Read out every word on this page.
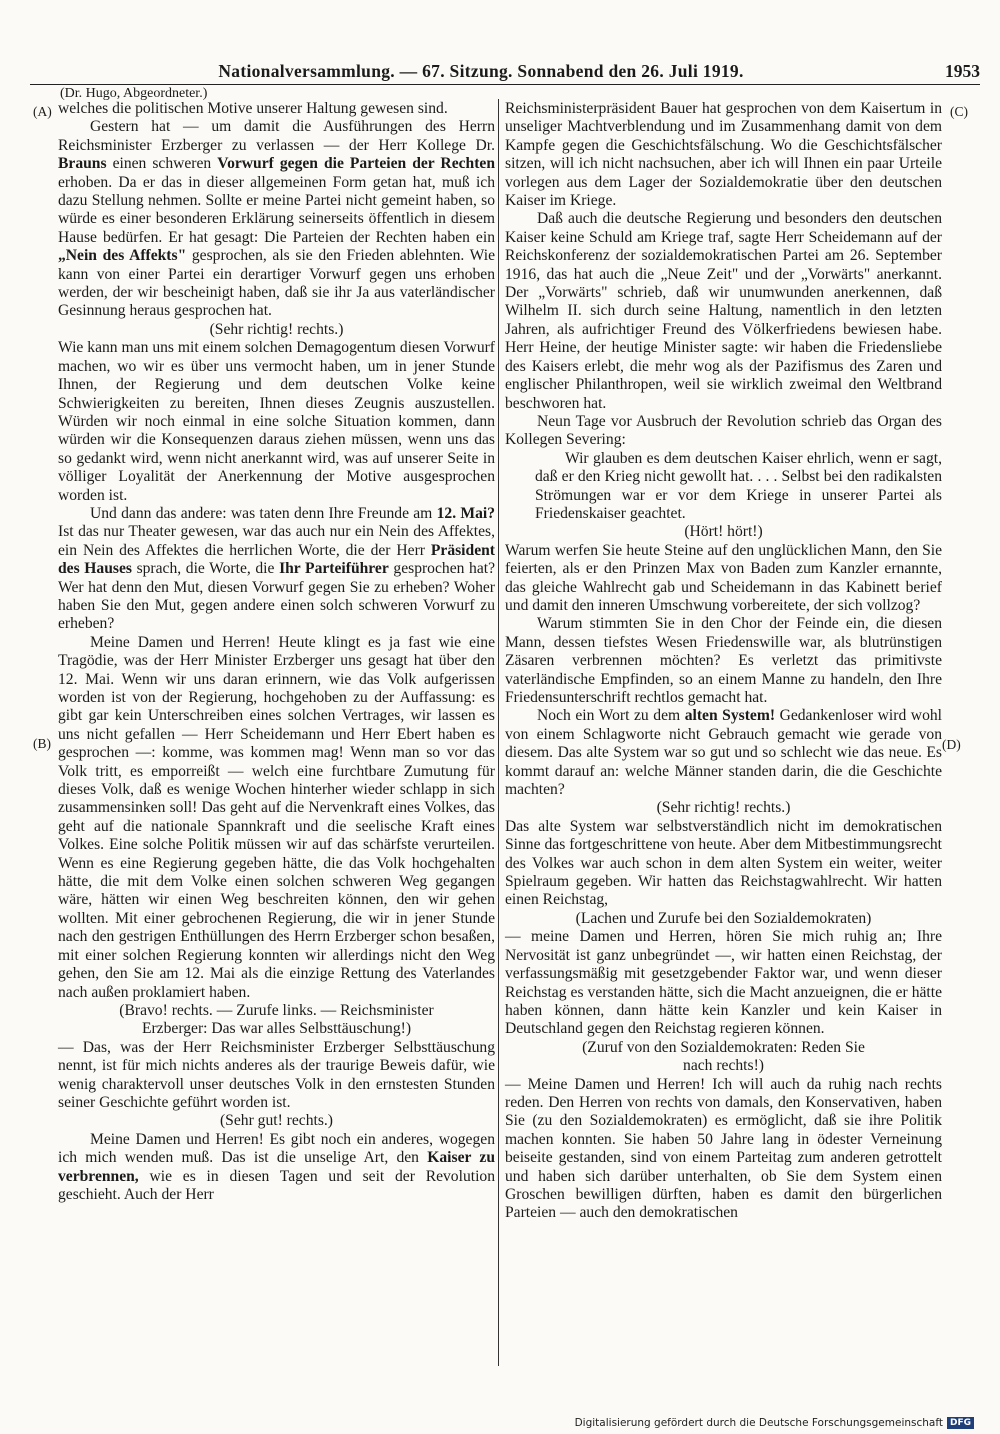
Nationalversammlung. — 67. Sitzung. Sonnabend den 26. Juli 1919.	1953
(Dr. Hugo, Abgeordneter.)
(A)
(B)
(C)
(D)

welches die politischen Motive unserer Haltung gewesen sind.

Gestern hat — um damit die Ausführungen des Herrn Reichsminister Erzberger zu verlassen — der Herr Kollege Dr. Brauns einen schweren Vorwurf gegen die Parteien der Rechten erhoben. Da er das in dieser allgemeinen Form getan hat, muß ich dazu Stellung nehmen. Sollte er meine Partei nicht gemeint haben, so würde es einer besonderen Erklärung seinerseits öffentlich in diesem Hause bedürfen. Er hat gesagt: Die Parteien der Rechten haben ein „Nein des Affekts" gesprochen, als sie den Frieden ablehnten. Wie kann von einer Partei ein derartiger Vorwurf gegen uns erhoben werden, der wir bescheinigt haben, daß sie ihr Ja aus vaterländischer Gesinnung heraus gesprochen hat.

(Sehr richtig! rechts.)

Wie kann man uns mit einem solchen Demagogentum diesen Vorwurf machen, wo wir es über uns vermocht haben, um in jener Stunde Ihnen, der Regierung und dem deutschen Volke keine Schwierigkeiten zu bereiten, Ihnen dieses Zeugnis auszustellen. Würden wir noch einmal in eine solche Situation kommen, dann würden wir die Konsequenzen daraus ziehen müssen, wenn uns das so gedankt wird, wenn nicht anerkannt wird, was auf unserer Seite in völliger Loyalität der Anerkennung der Motive ausgesprochen worden ist.

Und dann das andere: was taten denn Ihre Freunde am 12. Mai? Ist das nur Theater gewesen, war das auch nur ein Nein des Affektes, ein Nein des Affektes die herrlichen Worte, die der Herr Präsident des Hauses sprach, die Worte, die Ihr Parteiführer gesprochen hat? Wer hat denn den Mut, diesen Vorwurf gegen Sie zu erheben? Woher haben Sie den Mut, gegen andere einen solch schweren Vorwurf zu erheben?

Meine Damen und Herren! Heute klingt es ja fast wie eine Tragödie, was der Herr Minister Erzberger uns gesagt hat über den 12. Mai. Wenn wir uns daran erinnern, wie das Volk aufgerissen worden ist von der Regierung, hochgehoben zu der Auffassung: es gibt gar kein Unterschreiben eines solchen Vertrages, wir lassen es uns nicht gefallen — Herr Scheidemann und Herr Ebert haben es gesprochen —: komme, was kommen mag! Wenn man so vor das Volk tritt, es emporreißt — welch eine furchtbare Zumutung für dieses Volk, daß es wenige Wochen hinterher wieder schlapp in sich zusammensinken soll! Das geht auf die Nervenkraft eines Volkes, das geht auf die nationale Spannkraft und die seelische Kraft eines Volkes. Eine solche Politik müssen wir auf das schärfste verurteilen. Wenn es eine Regierung gegeben hätte, die das Volk hochgehalten hätte, die mit dem Volke einen solchen schweren Weg gegangen wäre, hätten wir einen Weg beschreiten können, den wir gehen wollten. Mit einer gebrochenen Regierung, die wir in jener Stunde nach den gestrigen Enthüllungen des Herrn Erzberger schon besaßen, mit einer solchen Regierung konnten wir allerdings nicht den Weg gehen, den Sie am 12. Mai als die einzige Rettung des Vaterlandes nach außen proklamiert haben.

(Bravo! rechts. — Zurufe links. — Reichsminister

Erzberger: Das war alles Selbsttäuschung!)

— Das, was der Herr Reichsminister Erzberger Selbsttäuschung nennt, ist für mich nichts anderes als der traurige Beweis dafür, wie wenig charaktervoll unser deutsches Volk in den ernstesten Stunden seiner Geschichte geführt worden ist.

(Sehr gut! rechts.)

Meine Damen und Herren! Es gibt noch ein anderes, wogegen ich mich wenden muß. Das ist die unselige Art, den Kaiser zu verbrennen, wie es in diesen Tagen und seit der Revolution geschieht. Auch der Herr

Reichsministerpräsident Bauer hat gesprochen von dem Kaisertum in unseliger Machtverblendung und im Zusammenhang damit von dem Kampfe gegen die Geschichtsfälschung. Wo die Geschichtsfälscher sitzen, will ich nicht nachsuchen, aber ich will Ihnen ein paar Urteile vorlegen aus dem Lager der Sozialdemokratie über den deutschen Kaiser im Kriege.

Daß auch die deutsche Regierung und besonders den deutschen Kaiser keine Schuld am Kriege traf, sagte Herr Scheidemann auf der Reichskonferenz der sozialdemokratischen Partei am 26. September 1916, das hat auch die „Neue Zeit" und der „Vorwärts" anerkannt. Der „Vorwärts" schrieb, daß wir unumwunden anerkennen, daß Wilhelm II. sich durch seine Haltung, namentlich in den letzten Jahren, als aufrichtiger Freund des Völkerfriedens bewiesen habe. Herr Heine, der heutige Minister sagte: wir haben die Friedensliebe des Kaisers erlebt, die mehr wog als der Pazifismus des Zaren und englischer Philanthropen, weil sie wirklich zweimal den Weltbrand beschworen hat.

Neun Tage vor Ausbruch der Revolution schrieb das Organ des Kollegen Severing:

Wir glauben es dem deutschen Kaiser ehrlich, wenn er sagt, daß er den Krieg nicht gewollt hat. . . . Selbst bei den radikalsten Strömungen war er vor dem Kriege in unserer Partei als Friedenskaiser geachtet.

(Hört! hört!)

Warum werfen Sie heute Steine auf den unglücklichen Mann, den Sie feierten, als er den Prinzen Max von Baden zum Kanzler ernannte, das gleiche Wahlrecht gab und Scheidemann in das Kabinett berief und damit den inneren Umschwung vorbereitete, der sich vollzog?

Warum stimmten Sie in den Chor der Feinde ein, die diesen Mann, dessen tiefstes Wesen Friedenswille war, als blutrünstigen Zäsaren verbrennen möchten? Es verletzt das primitivste vaterländische Empfinden, so an einem Manne zu handeln, den Ihre Friedensunterschrift rechtlos gemacht hat.

Noch ein Wort zu dem alten System! Gedankenloser wird wohl von einem Schlagworte nicht Gebrauch gemacht wie gerade von diesem. Das alte System war so gut und so schlecht wie das neue. Es kommt darauf an: welche Männer standen darin, die die Geschichte machten?

(Sehr richtig! rechts.)

Das alte System war selbstverständlich nicht im demokratischen Sinne das fortgeschrittene von heute. Aber dem Mitbestimmungsrecht des Volkes war auch schon in dem alten System ein weiter, weiter Spielraum gegeben. Wir hatten das Reichstagwahlrecht. Wir hatten einen Reichstag,

(Lachen und Zurufe bei den Sozialdemokraten)

— meine Damen und Herren, hören Sie mich ruhig an; Ihre Nervosität ist ganz unbegründet —, wir hatten einen Reichstag, der verfassungsmäßig mit gesetzgebender Faktor war, und wenn dieser Reichstag es verstanden hätte, sich die Macht anzueignen, die er hätte haben können, dann hätte kein Kanzler und kein Kaiser in Deutschland gegen den Reichstag regieren können.

(Zuruf von den Sozialdemokraten: Reden Sie

nach rechts!)

— Meine Damen und Herren! Ich will auch da ruhig nach rechts reden. Den Herren von rechts von damals, den Konservativen, haben Sie (zu den Sozialdemokraten) es ermöglicht, daß sie ihre Politik machen konnten. Sie haben 50 Jahre lang in ödester Verneinung beiseite gestanden, sind von einem Parteitag zum anderen getrottelt und haben sich darüber unterhalten, ob Sie dem System einen Groschen bewilligen dürften, haben es damit den bürgerlichen Parteien — auch den demokratischen

Digitalisierung gefördert durch die Deutsche Forschungsgemeinschaft DFG
